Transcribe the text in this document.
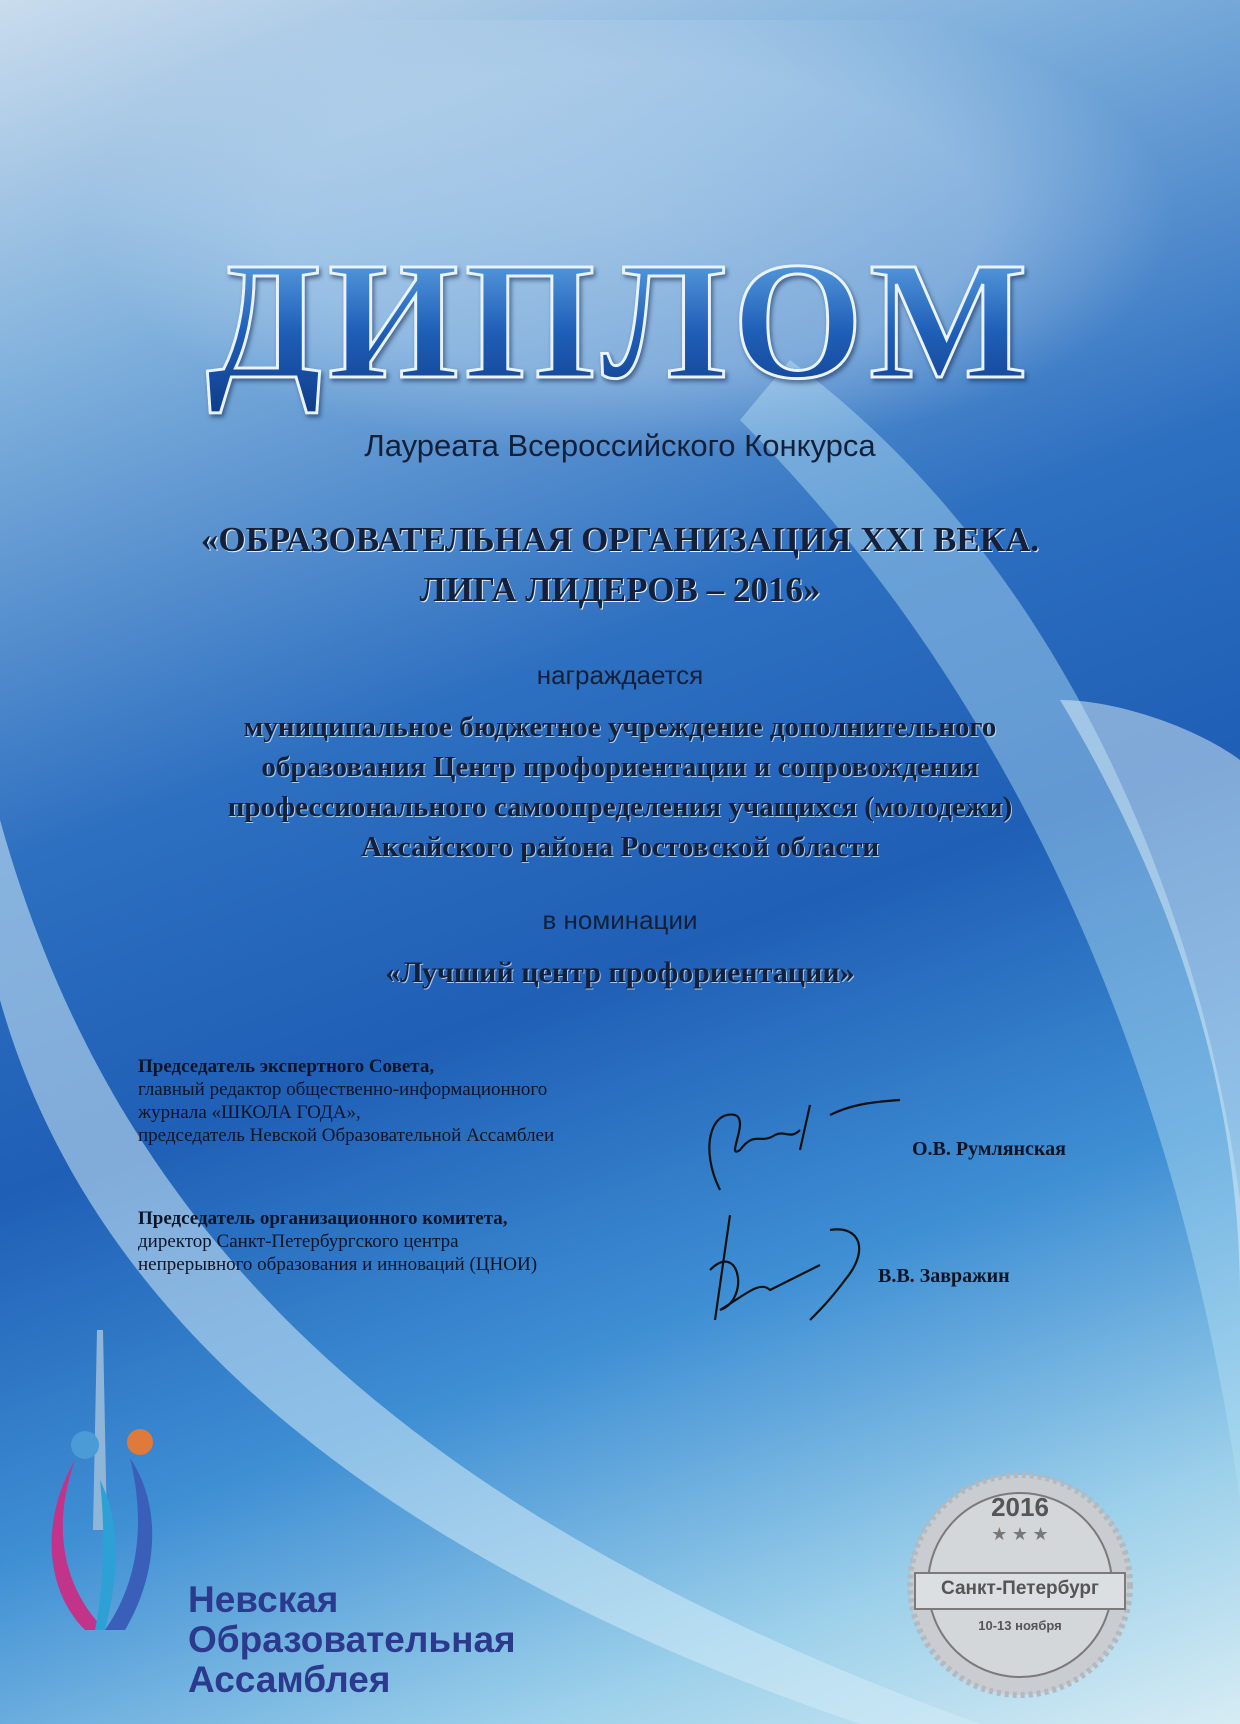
ДИПЛОМ
Лауреата Всероссийского Конкурса
«ОБРАЗОВАТЕЛЬНАЯ ОРГАНИЗАЦИЯ XXI ВЕКА.
ЛИГА ЛИДЕРОВ – 2016»
награждается
муниципальное бюджетное учреждение дополнительного
образования Центр профориентации и сопровождения
профессионального самоопределения учащихся (молодежи)
Аксайского района Ростовской области
в номинации
«Лучший центр профориентации»
Председатель экспертного Совета,
главный редактор общественно-информационного
журнала «ШКОЛА ГОДА»,
председатель Невской Образовательной Ассамблеи
О.В. Румлянская
Председатель организационного комитета,
директор Санкт-Петербургского центра
непрерывного образования и инноваций (ЦНОИ)
В.В. Завражин
Невская
Образовательная
Ассамблея
★ ★ ★
2016
Санкт-Петербург
10-13 ноября
